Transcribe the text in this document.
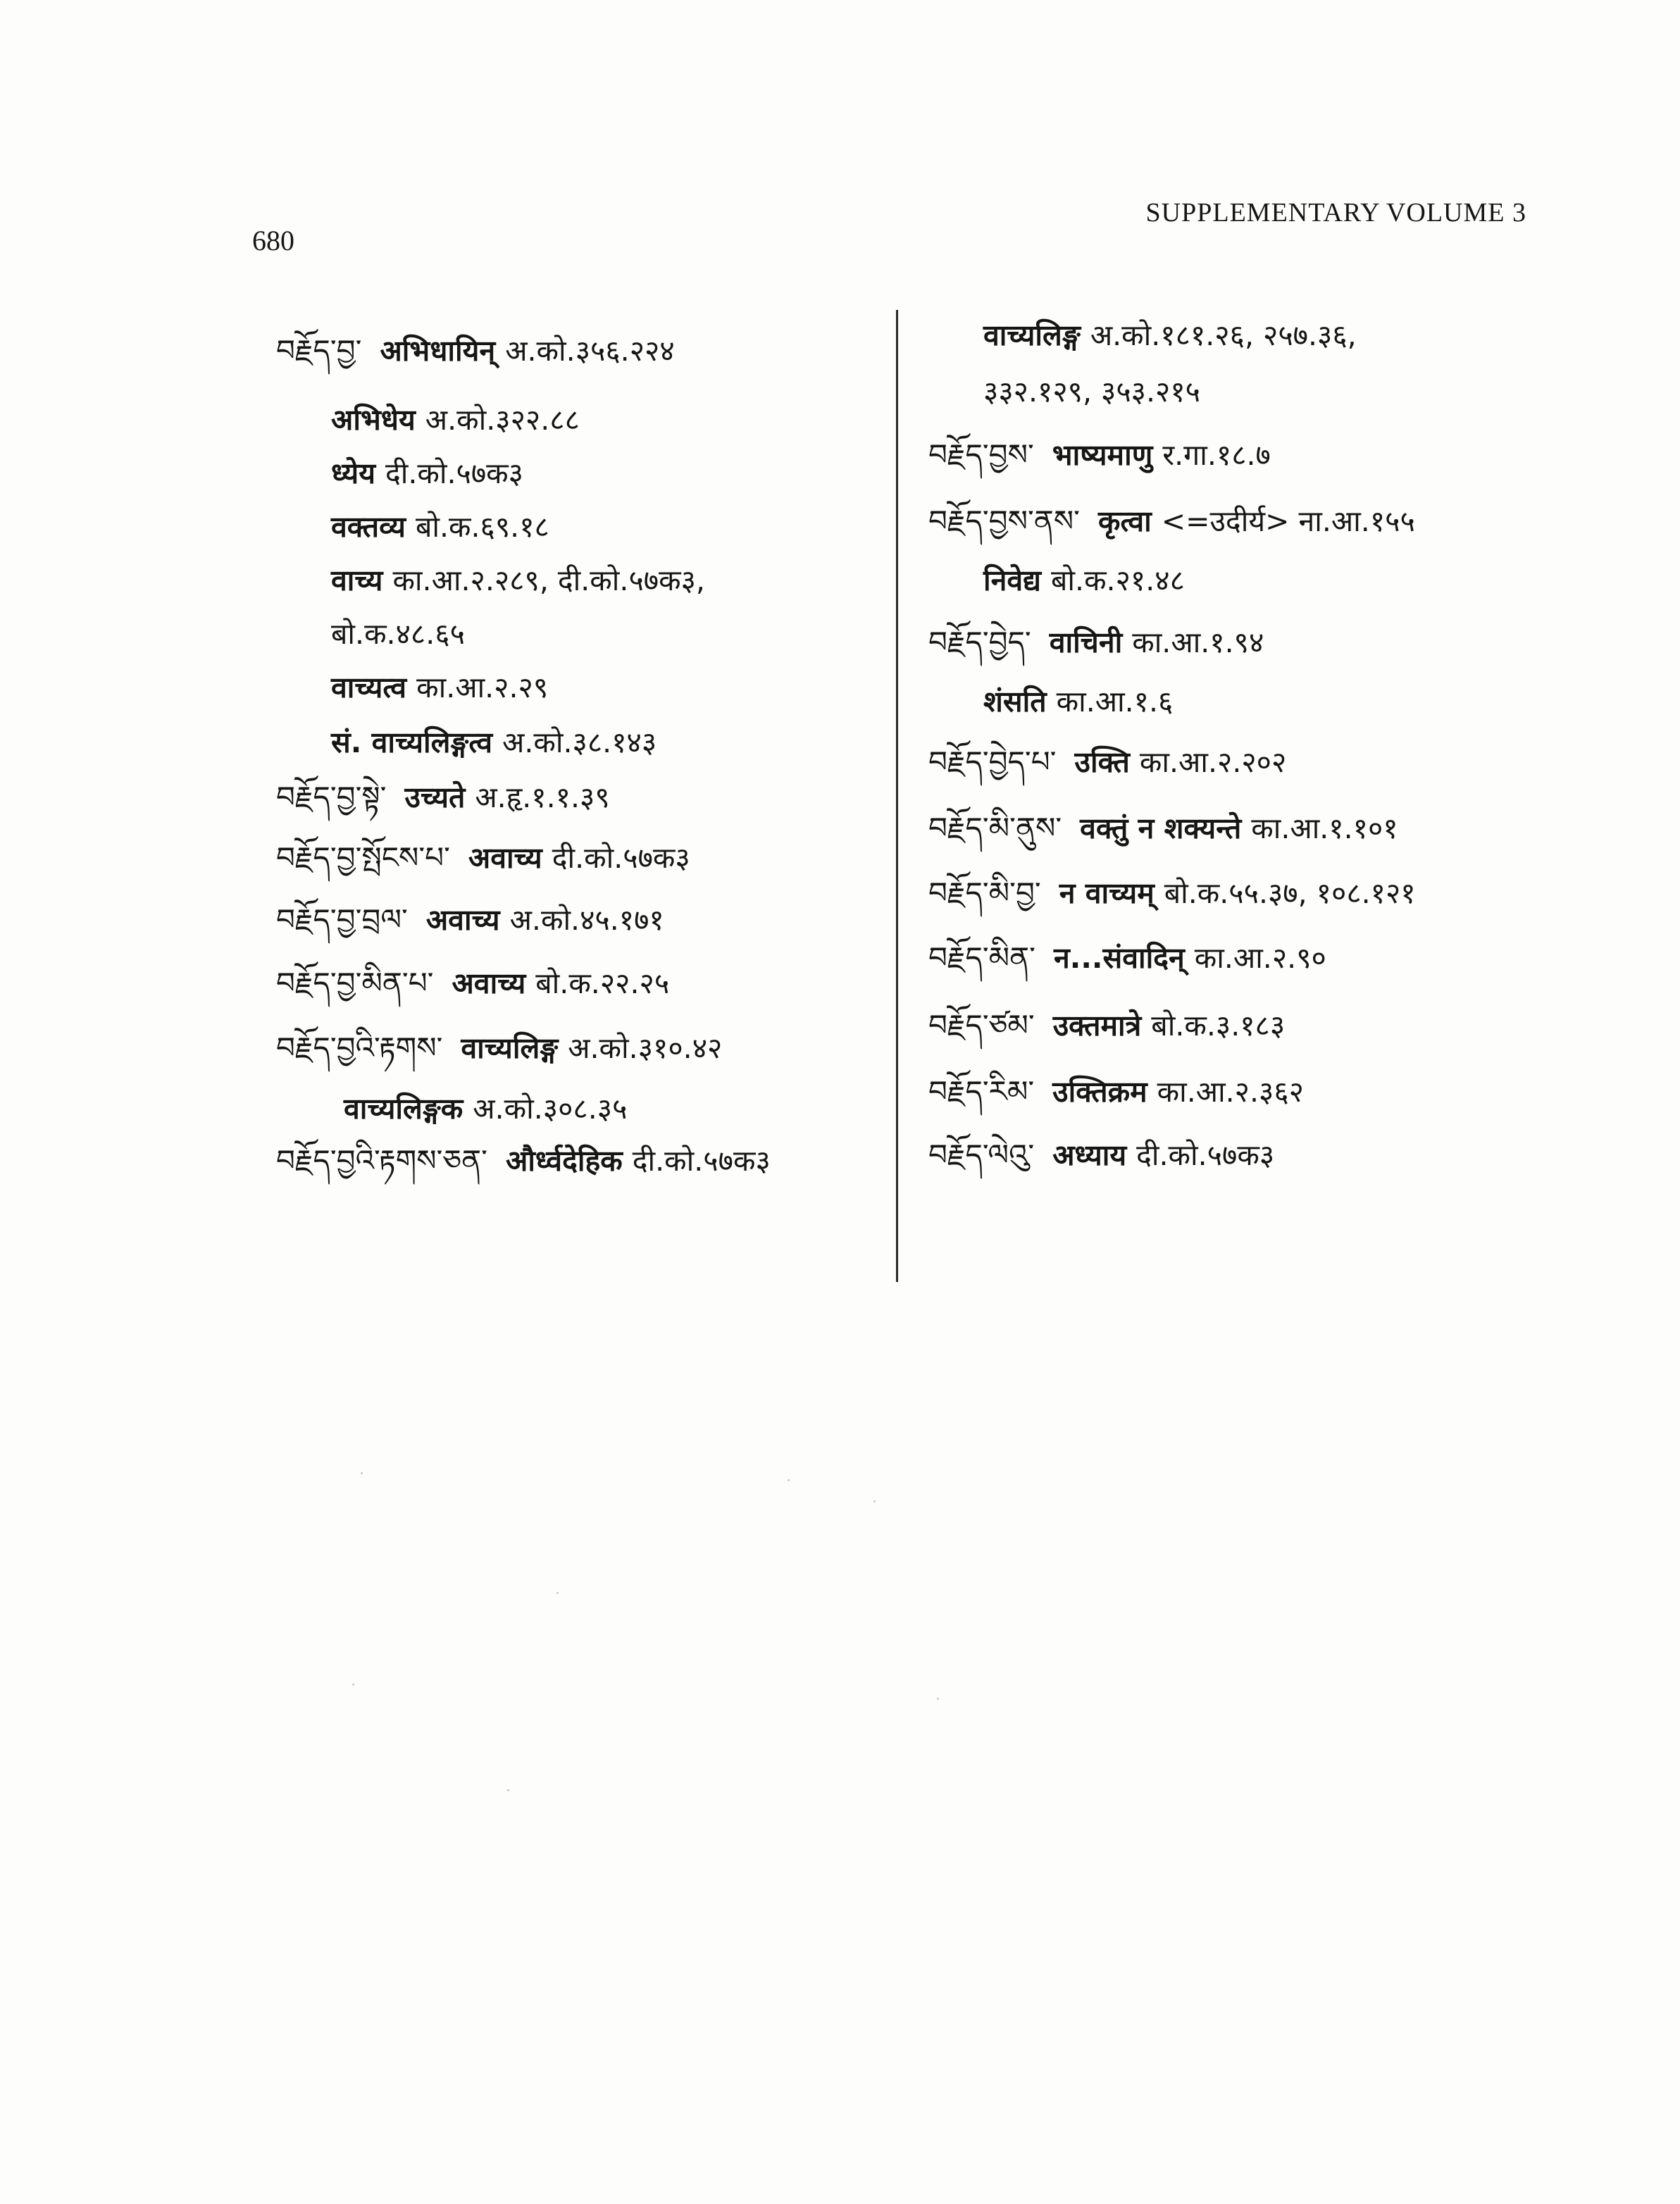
680
SUPPLEMENTARY VOLUME 3
བརྗོད་བྱ་ अभिधायिन् अ.को.३५६.२२४
अभिधेय अ.को.३२२.८८
ध्येय दी.को.५७क३
वक्तव्य बो.क.६९.१८
वाच्य का.आ.२.२८९, दी.को.५७क३,
बो.क.४८.६५
वाच्यत्व का.आ.२.२९
सं. वाच्यलिङ्गत्व अ.को.३८.१४३
བརྗོད་བྱ་སྟེ་ उच्यते अ.हृ.१.१.३९
བརྗོད་བྱ་སྤོངས་པ་ अवाच्य दी.को.५७क३
བརྗོད་བྱ་བྲལ་ अवाच्य अ.को.४५.१७१
བརྗོད་བྱ་མིན་པ་ अवाच्य बो.क.२२.२५
བརྗོད་བྱའི་རྟགས་ वाच्यलिङ्ग अ.को.३१०.४२
वाच्यलिङ्गक अ.को.३०८.३५
བརྗོད་བྱའི་རྟགས་ཅན་ और्ध्वदेहिक दी.को.५७क३
वाच्यलिङ्ग अ.को.१८१.२६, २५७.३६,
३३२.१२९, ३५३.२१५
བརྗོད་བྱས་ भाष्यमाणु र.गा.१८.७
བརྗོད་བྱས་ནས་ कृत्वा <=उदीर्य> ना.आ.१५५
निवेद्य बो.क.२१.४८
བརྗོད་བྱེད་ वाचिनी का.आ.१.९४
शंसति का.आ.१.६
བརྗོད་བྱེད་པ་ उक्ति का.आ.२.२०२
བརྗོད་མི་ནུས་ वक्तुं न शक्यन्ते का.आ.१.१०१
བརྗོད་མི་བྱ་ न वाच्यम् बो.क.५५.३७, १०८.१२१
བརྗོད་མིན་ न...संवादिन् का.आ.२.९०
བརྗོད་ཙམ་ उक्तमात्रे बो.क.३.१८३
བརྗོད་རིམ་ उक्तिक्रम का.आ.२.३६२
བརྗོད་ལེའུ་ अध्याय दी.को.५७क३
